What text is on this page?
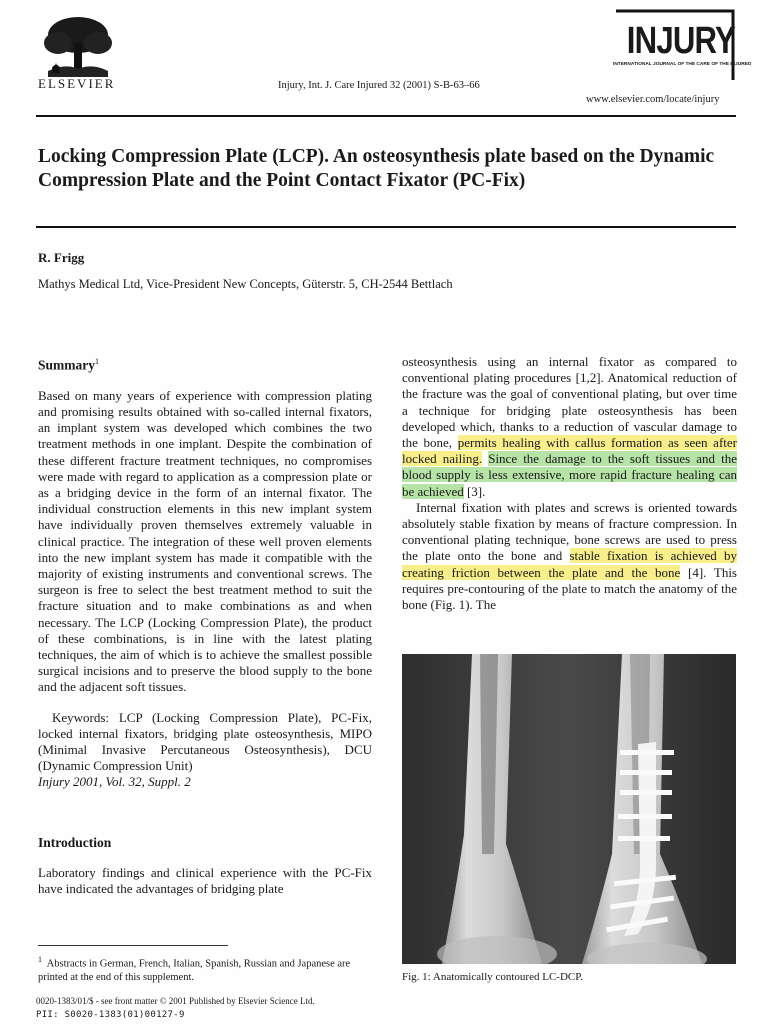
ELSEVIER	Injury, Int. J. Care Injured 32 (2001) S-B-63–66
INJURY
INTERNATIONAL JOURNAL OF THE CARE OF THE INJURED
www.elsevier.com/locate/injury
Locking Compression Plate (LCP). An osteosynthesis plate based on the Dynamic Compression Plate and the Point Contact Fixator (PC-Fix)
R. Frigg
Mathys Medical Ltd, Vice-President New Concepts, Güterstr. 5, CH-2544 Bettlach
Summary$^1$

Based on many years of experience with compression plating and promising results obtained with so-called internal fixators, an implant system was developed which combines the two treatment methods in one implant. Despite the combination of these different fracture treatment techniques, no compromises were made with regard to application as a compression plate or as a bridging device in the form of an internal fixator. The individual construction elements in this new implant system have individually proven themselves extremely valuable in clinical practice. The integration of these well proven elements into the new implant system has made it compatible with the majority of existing instruments and conventional screws. The surgeon is free to select the best treatment method to suit the fracture situation and to make combinations as and when necessary. The LCP (Locking Compression Plate), the product of these combinations, is in line with the latest plating techniques, the aim of which is to achieve the smallest possible surgical incisions and to preserve the blood supply to the bone and the adjacent soft tissues.

Keywords: LCP (Locking Compression Plate), PC-Fix, locked internal fixators, bridging plate osteosynthesis, MIPO (Minimal Invasive Percutaneous Osteosynthesis), DCU (Dynamic Compression Unit)

Injury 2001, Vol. 32, Suppl. 2

Introduction

Laboratory findings and clinical experience with the PC-Fix have indicated the advantages of bridging plate

$^1$ Abstracts in German, French, Italian, Spanish, Russian and Japanese are printed at the end of this supplement.
0020-1383/01/$ - see front matter © 2001 Published by Elsevier Science Ltd.
PII: S0020-1383(01)00127-9

osteosynthesis using an internal fixator as compared to conventional plating procedures [1,2]. Anatomical reduction of the fracture was the goal of conventional plating, but over time a technique for bridging plate osteosynthesis has been developed which, thanks to a reduction of vascular damage to the bone, permits healing with callus formation as seen after locked nailing. Since the damage to the soft tissues and the blood supply is less extensive, more rapid fracture healing can be achieved [3].

Internal fixation with plates and screws is oriented towards absolutely stable fixation by means of fracture compression. In conventional plating technique, bone screws are used to press the plate onto the bone and stable fixation is achieved by creating friction between the plate and the bone [4]. This requires pre-contouring of the plate to match the anatomy of the bone (Fig. 1). The

Fig. 1: Anatomically contoured LC-DCP.
